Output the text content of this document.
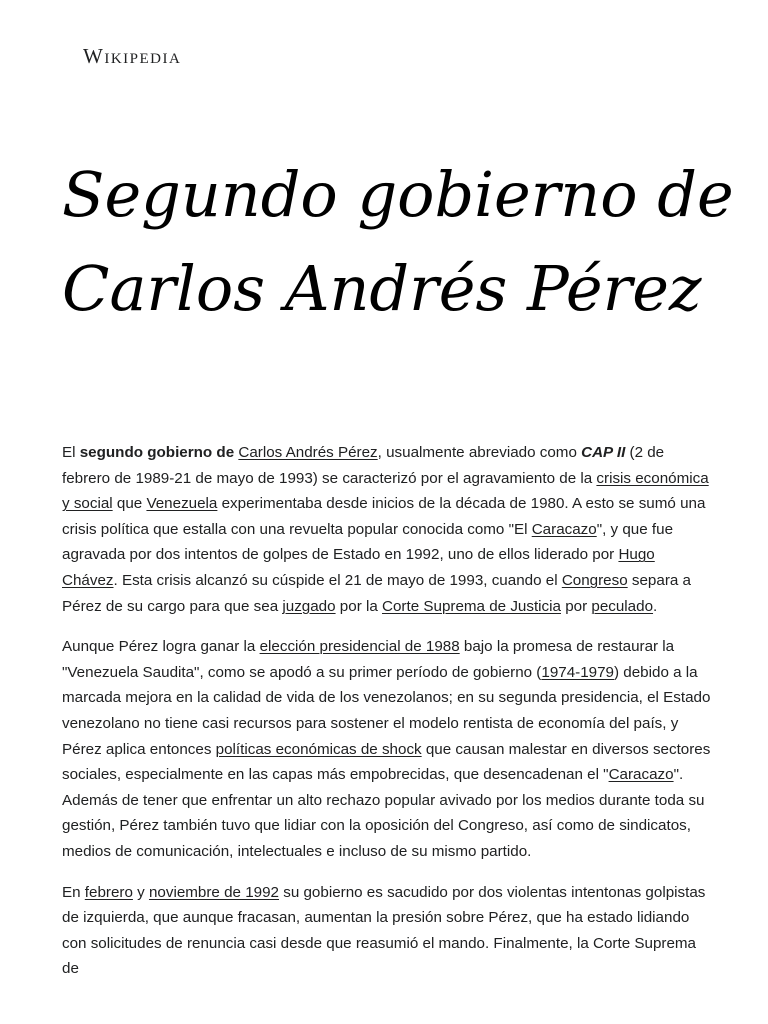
Wikipedia
Segundo gobierno de Carlos Andrés Pérez

El segundo gobierno de Carlos Andrés Pérez, usualmente abreviado como CAP II (2 de febrero de 1989-21 de mayo de 1993) se caracterizó por el agravamiento de la crisis económica y social que Venezuela experimentaba desde inicios de la década de 1980. A esto se sumó una crisis política que estalla con una revuelta popular conocida como "El Caracazo", y que fue agravada por dos intentos de golpes de Estado en 1992, uno de ellos liderado por Hugo Chávez. Esta crisis alcanzó su cúspide el 21 de mayo de 1993, cuando el Congreso separa a Pérez de su cargo para que sea juzgado por la Corte Suprema de Justicia por peculado.

Aunque Pérez logra ganar la elección presidencial de 1988 bajo la promesa de restaurar la "Venezuela Saudita", como se apodó a su primer período de gobierno (1974-1979) debido a la marcada mejora en la calidad de vida de los venezolanos; en su segunda presidencia, el Estado venezolano no tiene casi recursos para sostener el modelo rentista de economía del país, y Pérez aplica entonces políticas económicas de shock que causan malestar en diversos sectores sociales, especialmente en las capas más empobrecidas, que desencadenan el "Caracazo". Además de tener que enfrentar un alto rechazo popular avivado por los medios durante toda su gestión, Pérez también tuvo que lidiar con la oposición del Congreso, así como de sindicatos, medios de comunicación, intelectuales e incluso de su mismo partido.

En febrero y noviembre de 1992 su gobierno es sacudido por dos violentas intentonas golpistas de izquierda, que aunque fracasan, aumentan la presión sobre Pérez, que ha estado lidiando con solicitudes de renuncia casi desde que reasumió el mando. Finalmente, la Corte Suprema de
